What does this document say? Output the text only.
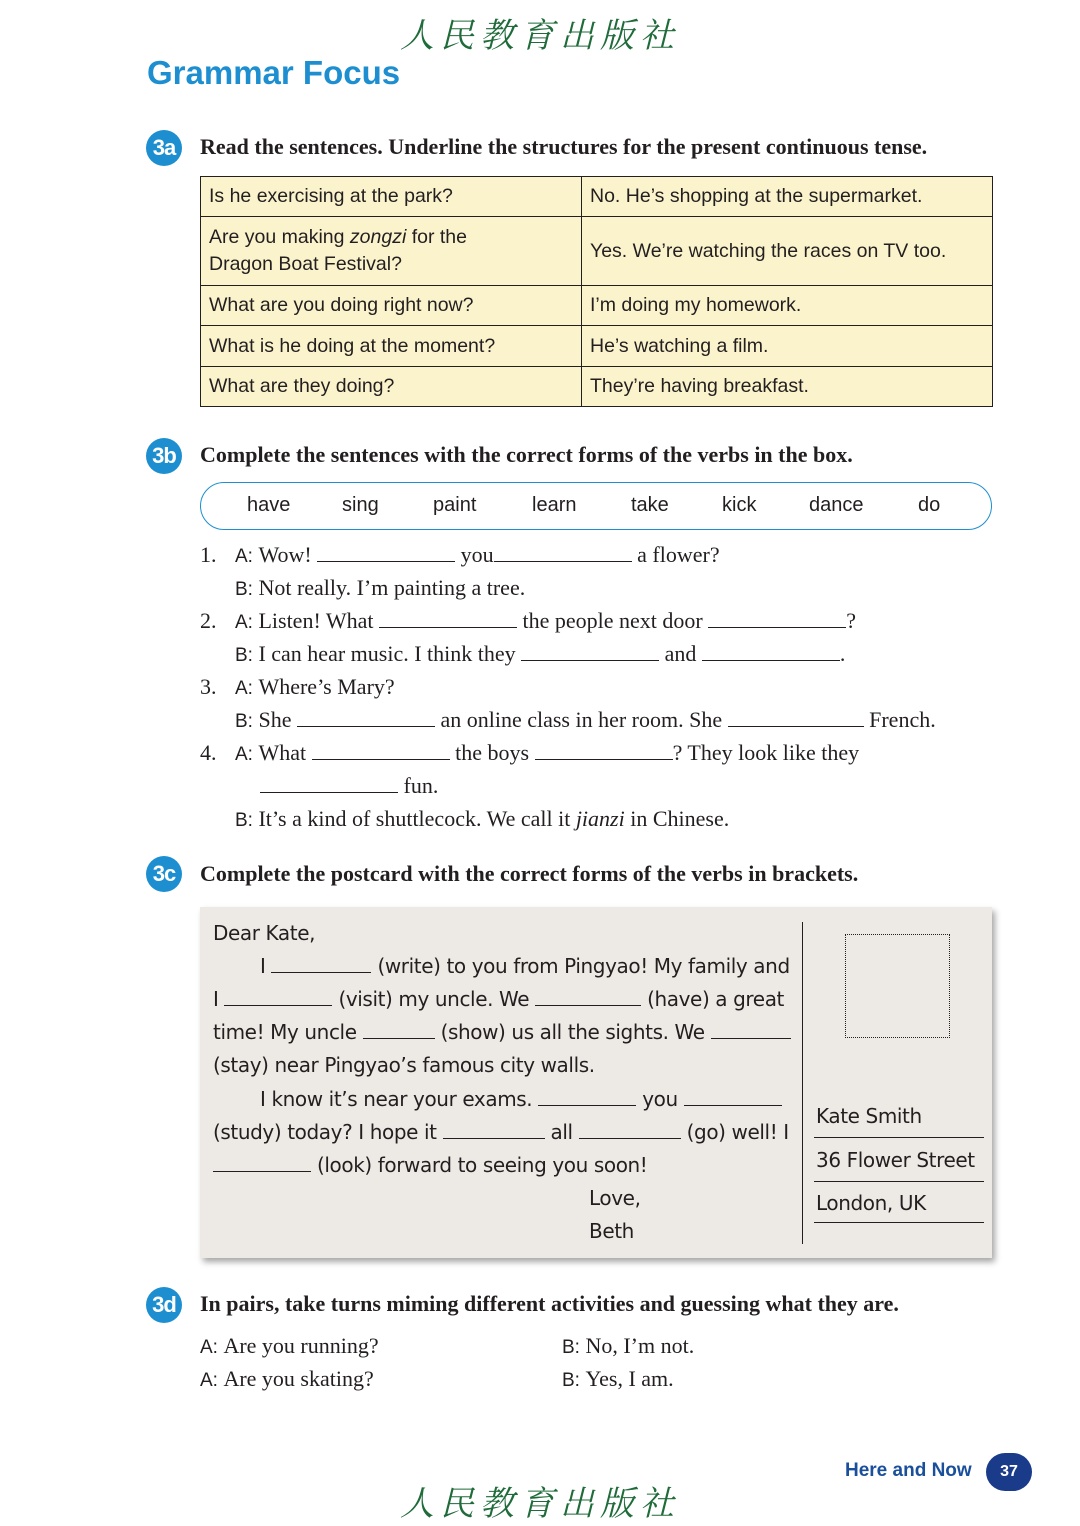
人民教育出版社
Grammar Focus
3a	Read the sentences. Underline the structures for the present continuous tense.
Is he exercising at the park?	No. He’s shopping at the supermarket.
Are you making zongzi for the
Dragon Boat Festival?	Yes. We’re watching the races on TV too.
What are you doing right now?	I’m doing my homework.
What is he doing at the moment?	He’s watching a film.
What are they doing?	They’re having breakfast.
3b Complete the sentences with the correct forms of the verbs in the box.
have	sing	paint	learn	take	kick	dance	do
1. A: Wow!	you	a flower?
B: Not really. I’m painting a tree.
2. A: Listen! What	the people next door	?
B: I can hear music. I think they	and	.
3. A: Where’s Mary?
B: She	an online class in her room. She	French.
4. A: What	the boys	? They look like they
fun.
B: It’s a kind of shuttlecock. We call it jianzi in Chinese.
3c	Complete the postcard with the correct forms of the verbs in brackets.
Dear Kate,
I	(write) to you from Pingyao! My family and
I	(visit) my uncle. We	(have) a great
time! My uncle	(show) us all the sights. We
(stay) near Pingyao’s famous city walls.
I know it’s near your exams.	you
(study) today? I hope it	all	(go) well! I
(look) forward to seeing you soon!
Love,
Beth
Kate Smith
36 Flower Street
London, UK
3d In pairs, take turns miming different activities and guessing what they are.
A: Are you running?	B: No, I’m not.
A: Are you skating?	B: Yes, I am.
Here and Now	37
人民教育出版社
